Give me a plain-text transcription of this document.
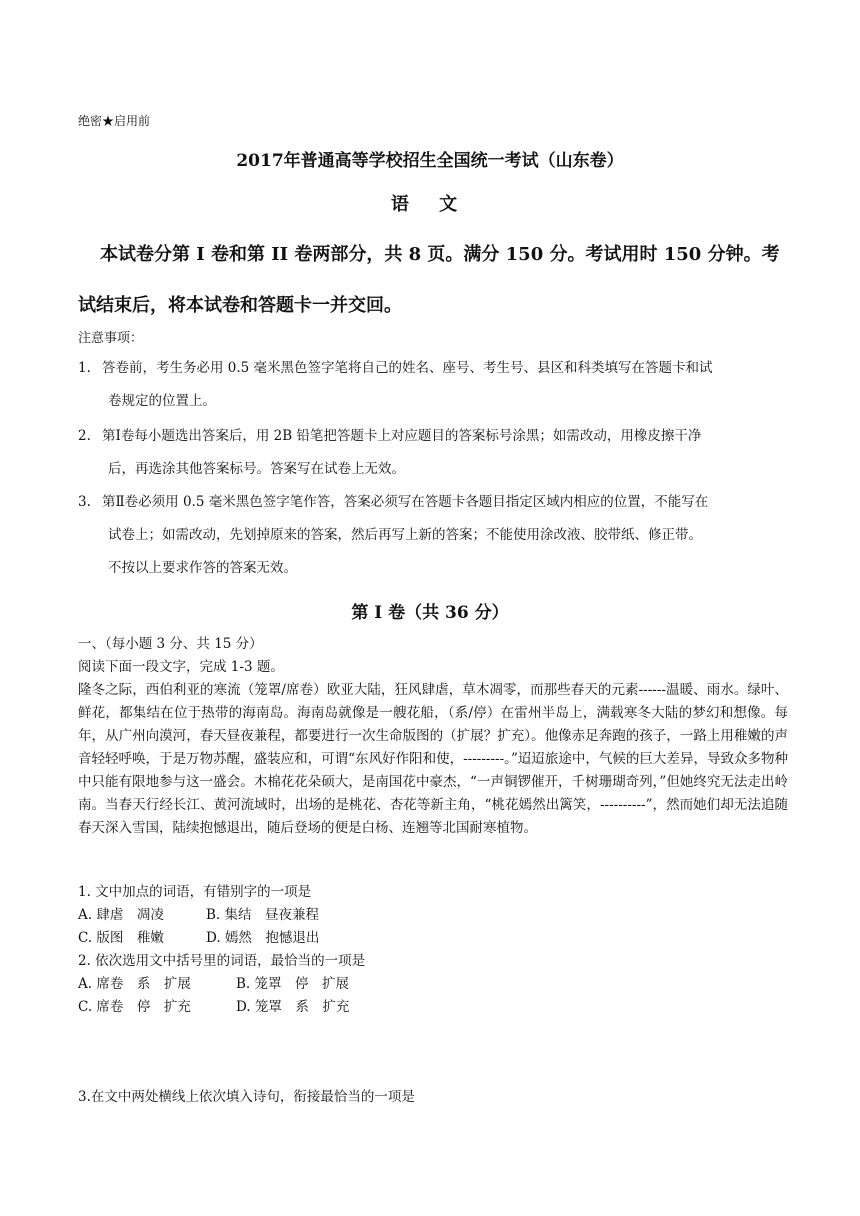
绝密★启用前
2017年普通高等学校招生全国统一考试（山东卷）
语 文
本试卷分第 I 卷和第 II 卷两部分，共 8 页。满分 150 分。考试用时 150 分钟。考试结束后，将本试卷和答题卡一并交回。
注意事项：
1. 答卷前，考生务必用 0.5 毫米黑色签字笔将自己的姓名、座号、考生号、县区和科类填写在答题卡和试
卷规定的位置上。
2. 第Ⅰ卷每小题选出答案后，用 2B 铅笔把答题卡上对应题目的答案标号涂黑；如需改动，用橡皮擦干净
后，再选涂其他答案标号。答案写在试卷上无效。
3. 第Ⅱ卷必须用 0.5 毫米黑色签字笔作答，答案必须写在答题卡各题目指定区域内相应的位置，不能写在
试卷上；如需改动，先划掉原来的答案，然后再写上新的答案；不能使用涂改液、胶带纸、修正带。
不按以上要求作答的答案无效。
第 I 卷（共 36 分）
一、（每小题 3 分、共 15 分）
阅读下面一段文字，完成 1-3 题。
隆冬之际，西伯利亚的寒流（笼罩/席卷）欧亚大陆，狂风肆虐，草木凋零，而那些春天的元素------温暖、雨水。绿叶、鲜花，都集结在位于热带的海南岛。海南岛就像是一艘花船，（系/停）在雷州半岛上，满载寒冬大陆的梦幻和想像。每年，从广州向漠河，春天昼夜兼程，都要进行一次生命版图的（扩展？扩充）。他像赤足奔跑的孩子，一路上用稚嫩的声音轻轻呼唤，于是万物苏醒，盛装应和，可谓“东风好作阳和使，---------。”迢迢旅途中，气候的巨大差异，导致众多物种中只能有限地参与这一盛会。木棉花花朵硕大，是南国花中豪杰，“一声铜锣催开，千树珊瑚奇列，”但她终究无法走出岭南。当春天行经长江、黄河流域时，出场的是桃花、杏花等新主角，“桃花嫣然出篱笑，----------”，然而她们却无法追随春天深入雪国，陆续抱憾退出，随后登场的便是白杨、连翘等北国耐寒植物。
1. 文中加点的词语，有错别字的一项是
A. 肆虐　凋凌	B. 集结　昼夜兼程
C. 版图　稚嫩	D. 嫣然　抱憾退出
2. 依次选用文中括号里的词语，最恰当的一项是
A. 席卷　系　扩展	B. 笼罩　停　扩展
C. 席卷　停　扩充	D. 笼罩　系　扩充
3.在文中两处横线上依次填入诗句，衔接最恰当的一项是
